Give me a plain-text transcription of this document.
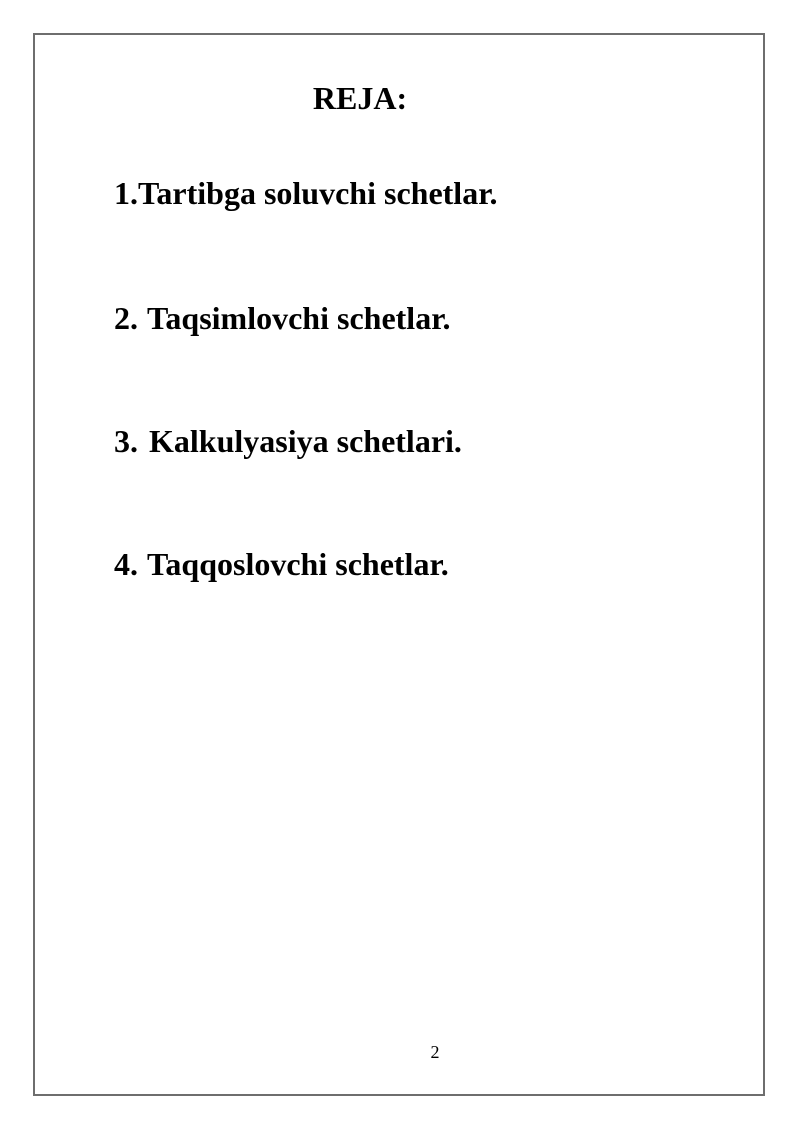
REJA:
1.Tartibga soluvchi schetlar.
2. Taqsimlovchi schetlar.
3. Kalkulyasiya schetlari.
4. Taqqoslovchi schetlar.
2
